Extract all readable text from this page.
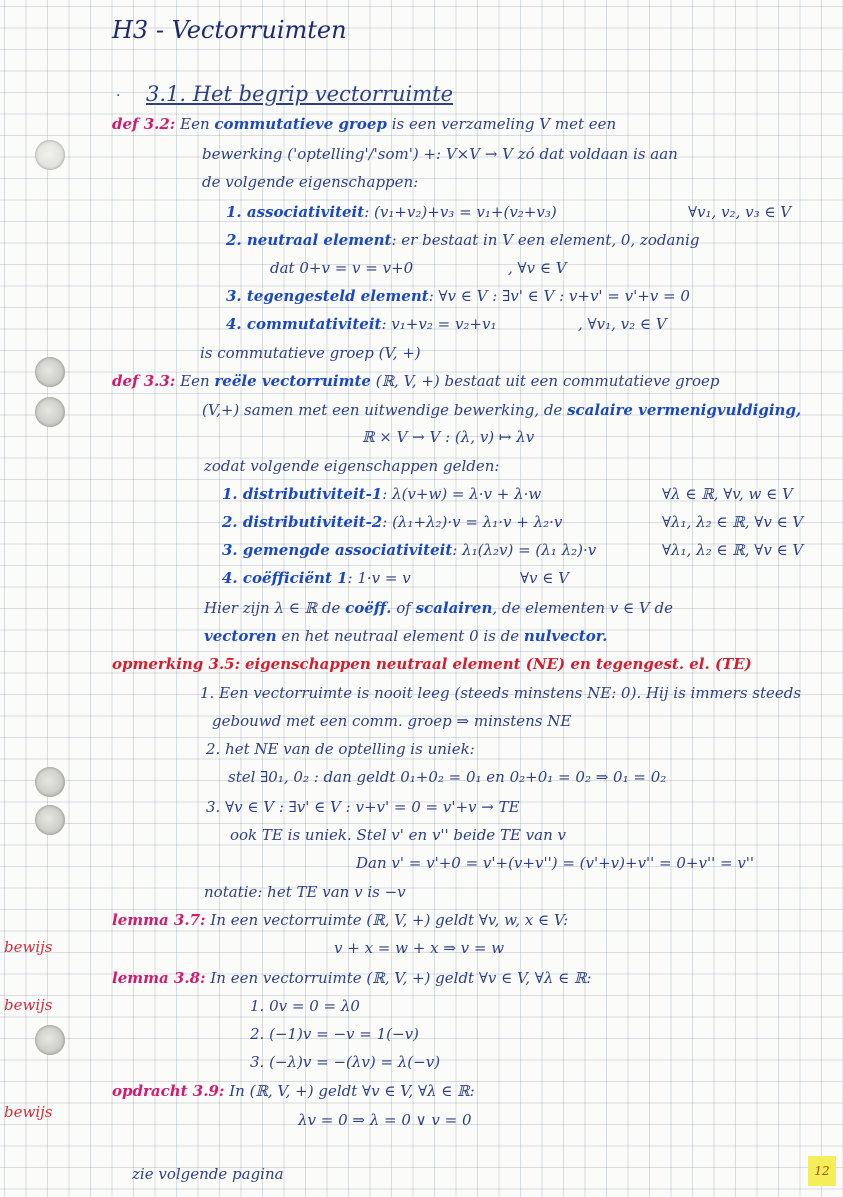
H3 - Vectorruimten
· 3.1. Het begrip vectorruimte
def 3.2: Een commutatieve groep is een verzameling V met een
bewerking ('optelling'/'som') +: V×V → V zó dat voldaan is aan
de volgende eigenschappen:
1. associativiteit: (v₁+v₂)+v₃ = v₁+(v₂+v₃)	∀v₁, v₂, v₃ ∈ V
2. neutraal element: er bestaat in V een element, 0, zodanig
dat 0+v = v = v+0	, ∀v ∈ V
3. tegengesteld element: ∀v ∈ V : ∃v' ∈ V : v+v' = v'+v = 0
4. commutativiteit: v₁+v₂ = v₂+v₁	, ∀v₁, v₂ ∈ V
is commutatieve groep (V, +)
def 3.3: Een reële vectorruimte (ℝ, V, +) bestaat uit een commutatieve groep
(V,+) samen met een uitwendige bewerking, de scalaire vermenigvuldiging,
ℝ × V → V : (λ, v) ↦ λv
zodat volgende eigenschappen gelden:
1. distributiviteit-1: λ(v+w) = λ·v + λ·w	∀λ ∈ ℝ, ∀v, w ∈ V
2. distributiviteit-2: (λ₁+λ₂)·v = λ₁·v + λ₂·v	∀λ₁, λ₂ ∈ ℝ, ∀v ∈ V
3. gemengde associativiteit: λ₁(λ₂v) = (λ₁ λ₂)·v	∀λ₁, λ₂ ∈ ℝ, ∀v ∈ V
4. coëfficiënt 1: 1·v = v	∀v ∈ V
Hier zijn λ ∈ ℝ de coëff. of scalairen, de elementen v ∈ V de
vectoren en het neutraal element 0 is de nulvector.
opmerking 3.5: eigenschappen neutraal element (NE) en tegengest. el. (TE)
1. Een vectorruimte is nooit leeg (steeds minstens NE: 0). Hij is immers steeds
gebouwd met een comm. groep ⇒ minstens NE
2. het NE van de optelling is uniek:
stel ∃0₁, 0₂ : dan geldt 0₁+0₂ = 0₁ en 0₂+0₁ = 0₂ ⇒ 0₁ = 0₂
3. ∀v ∈ V : ∃v' ∈ V : v+v' = 0 = v'+v → TE
ook TE is uniek. Stel v' en v'' beide TE van v
Dan v' = v'+0 = v'+(v+v'') = (v'+v)+v'' = 0+v'' = v''
notatie: het TE van v is −v
lemma 3.7: In een vectorruimte (ℝ, V, +) geldt ∀v, w, x ∈ V:
v + x = w + x ⇒ v = w
bewijs
lemma 3.8: In een vectorruimte (ℝ, V, +) geldt ∀v ∈ V, ∀λ ∈ ℝ:
1. 0v = 0 = λ0
2. (−1)v = −v = 1(−v)
3. (−λ)v = −(λv) = λ(−v)
bewijs
opdracht 3.9: In (ℝ, V, +) geldt ∀v ∈ V, ∀λ ∈ ℝ:
λv = 0 ⇒ λ = 0 ∨ v = 0
bewijs
zie volgende pagina	12
